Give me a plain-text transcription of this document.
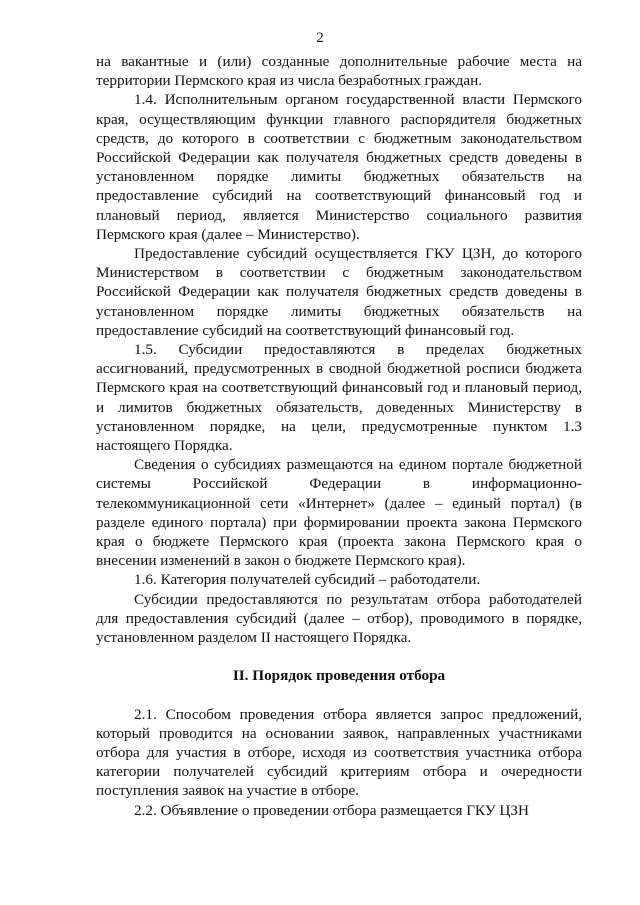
2

на вакантные и (или) созданные дополнительные рабочие места на территории Пермского края из числа безработных граждан.

1.4. Исполнительным органом государственной власти Пермского края, осуществляющим функции главного распорядителя бюджетных средств, до которого в соответствии с бюджетным законодательством Российской Федерации как получателя бюджетных средств доведены в установленном порядке лимиты бюджетных обязательств на предоставление субсидий на соответствующий финансовый год и плановый период, является Министерство социального развития Пермского края (далее – Министерство).

Предоставление субсидий осуществляется ГКУ ЦЗН, до которого Министерством в соответствии с бюджетным законодательством Российской Федерации как получателя бюджетных средств доведены в установленном порядке лимиты бюджетных обязательств на предоставление субсидий на соответствующий финансовый год.

1.5. Субсидии предоставляются в пределах бюджетных ассигнований, предусмотренных в сводной бюджетной росписи бюджета Пермского края на соответствующий финансовый год и плановый период, и лимитов бюджетных обязательств, доведенных Министерству в установленном порядке, на цели, предусмотренные пунктом 1.3 настоящего Порядка.

Сведения о субсидиях размещаются на едином портале бюджетной системы Российской Федерации в информационно-телекоммуникационной сети «Интернет» (далее – единый портал) (в разделе единого портала) при формировании проекта закона Пермского края о бюджете Пермского края (проекта закона Пермского края о внесении изменений в закон о бюджете Пермского края).

1.6. Категория получателей субсидий – работодатели.

Субсидии предоставляются по результатам отбора работодателей для предоставления субсидий (далее – отбор), проводимого в порядке, установленном разделом II настоящего Порядка.

II. Порядок проведения отбора

2.1. Способом проведения отбора является запрос предложений, который проводится на основании заявок, направленных участниками отбора для участия в отборе, исходя из соответствия участника отбора категории получателей субсидий критериям отбора и очередности поступления заявок на участие в отборе.

2.2. Объявление о проведении отбора размещается ГКУ ЦЗН
